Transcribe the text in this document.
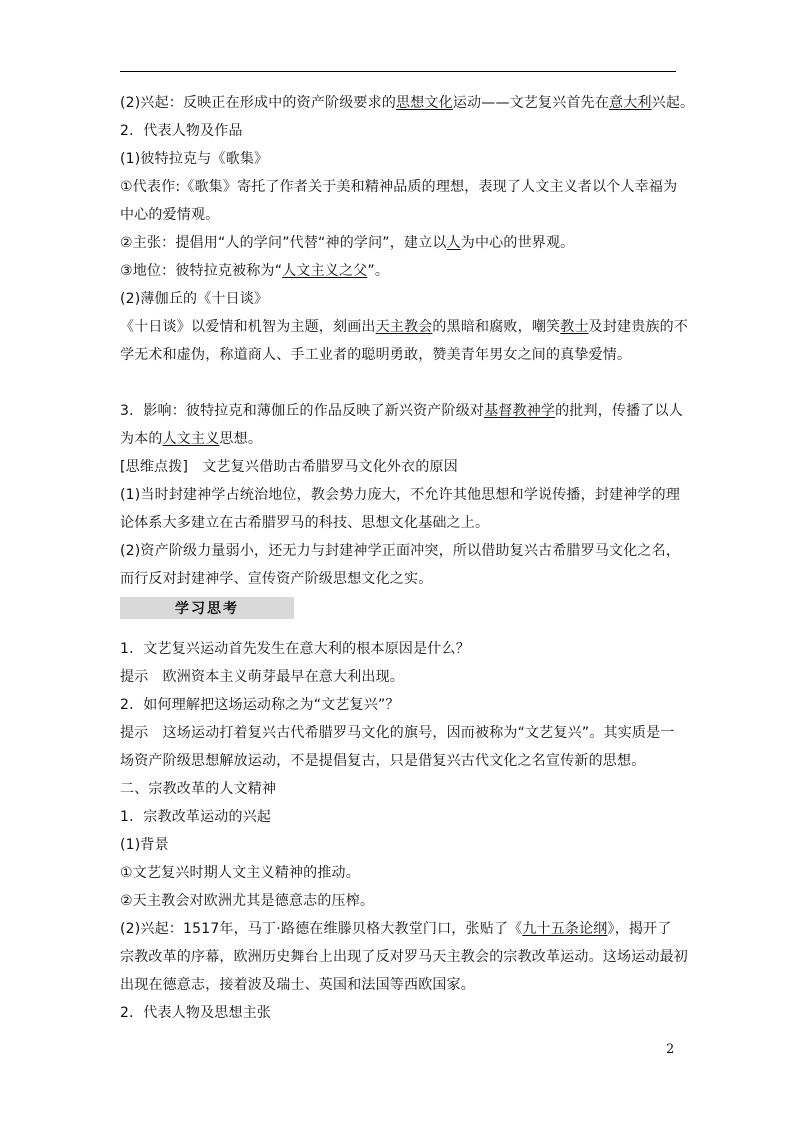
(2)兴起：反映正在形成中的资产阶级要求的思想文化运动——文艺复兴首先在意大利兴起。
2．代表人物及作品
(1)彼特拉克与《歌集》
①代表作:《歌集》寄托了作者关于美和精神品质的理想，表现了人文主义者以个人幸福为
中心的爱情观。
②主张：提倡用“人的学问”代替“神的学问”，建立以人为中心的世界观。
③地位：彼特拉克被称为“人文主义之父”。
(2)薄伽丘的《十日谈》
《十日谈》以爱情和机智为主题，刻画出天主教会的黑暗和腐败，嘲笑教士及封建贵族的不
学无术和虚伪，称道商人、手工业者的聪明勇敢，赞美青年男女之间的真挚爱情。
3．影响：彼特拉克和薄伽丘的作品反映了新兴资产阶级对基督教神学的批判，传播了以人
为本的人文主义思想。
[思维点拨]　文艺复兴借助古希腊罗马文化外衣的原因
(1)当时封建神学占统治地位，教会势力庞大，不允许其他思想和学说传播，封建神学的理
论体系大多建立在古希腊罗马的科技、思想文化基础之上。
(2)资产阶级力量弱小，还无力与封建神学正面冲突，所以借助复兴古希腊罗马文化之名，
而行反对封建神学、宣传资产阶级思想文化之实。
学习思考
1．文艺复兴运动首先发生在意大利的根本原因是什么？
提示　欧洲资本主义萌芽最早在意大利出现。
2．如何理解把这场运动称之为“文艺复兴”？
提示　这场运动打着复兴古代希腊罗马文化的旗号，因而被称为“文艺复兴”。其实质是一
场资产阶级思想解放运动，不是提倡复古，只是借复兴古代文化之名宣传新的思想。
二、宗教改革的人文精神
1．宗教改革运动的兴起
(1)背景
①文艺复兴时期人文主义精神的推动。
②天主教会对欧洲尤其是德意志的压榨。
(2)兴起：1517年，马丁·路德在维滕贝格大教堂门口，张贴了《九十五条论纲》，揭开了
宗教改革的序幕，欧洲历史舞台上出现了反对罗马天主教会的宗教改革运动。这场运动最初
出现在德意志，接着波及瑞士、英国和法国等西欧国家。
2．代表人物及思想主张
2
